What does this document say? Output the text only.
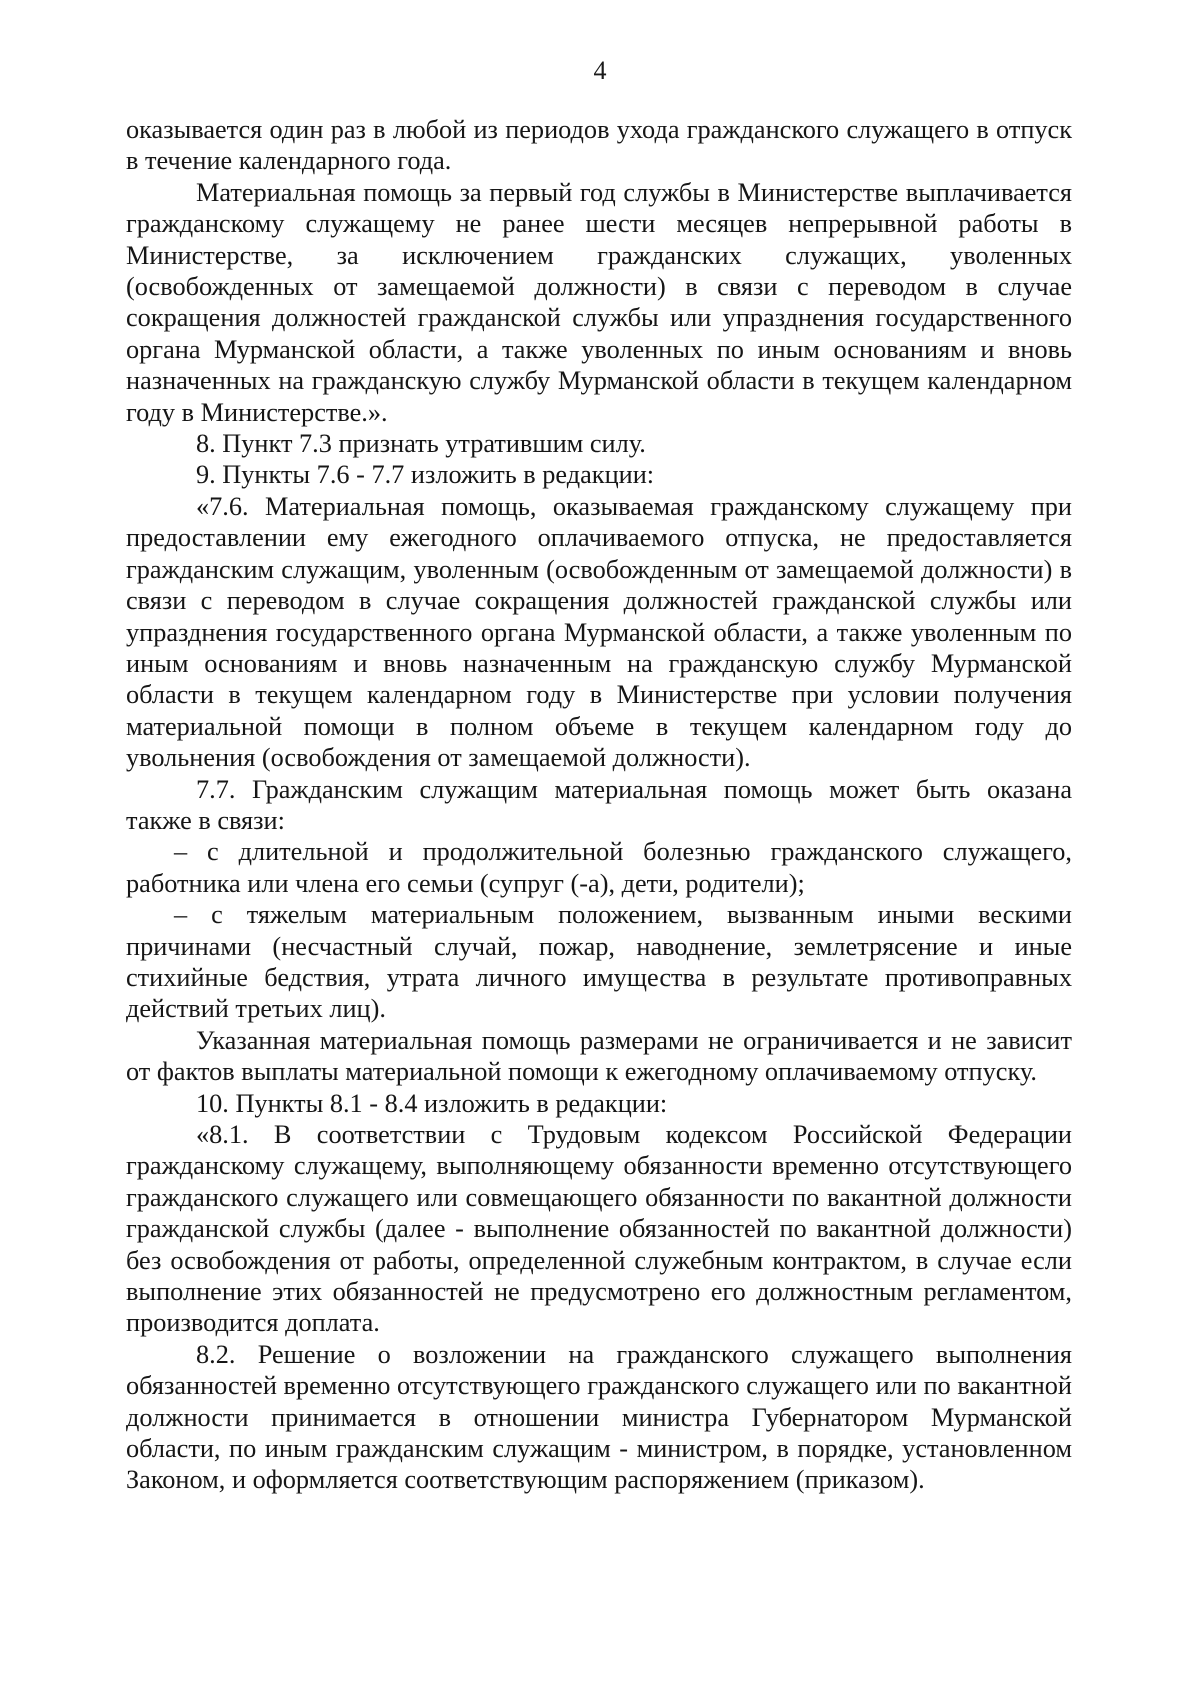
4

оказывается один раз в любой из периодов ухода гражданского служащего в отпуск в течение календарного года.

Материальная помощь за первый год службы в Министерстве выплачивается гражданскому служащему не ранее шести месяцев непрерывной работы в Министерстве, за исключением гражданских служащих, уволенных (освобожденных от замещаемой должности) в связи с переводом в случае сокращения должностей гражданской службы или упразднения государственного органа Мурманской области, а также уволенных по иным основаниям и вновь назначенных на гражданскую службу Мурманской области в текущем календарном году в Министерстве.».

8. Пункт 7.3 признать утратившим силу.

9. Пункты 7.6 - 7.7 изложить в редакции:

«7.6. Материальная помощь, оказываемая гражданскому служащему при предоставлении ему ежегодного оплачиваемого отпуска, не предоставляется гражданским служащим, уволенным (освобожденным от замещаемой должности) в связи с переводом в случае сокращения должностей гражданской службы или упразднения государственного органа Мурманской области, а также уволенным по иным основаниям и вновь назначенным на гражданскую службу Мурманской области в текущем календарном году в Министерстве при условии получения материальной помощи в полном объеме в текущем календарном году до увольнения (освобождения от замещаемой должности).

7.7. Гражданским служащим материальная помощь может быть оказана также в связи:

– с длительной и продолжительной болезнью гражданского служащего, работника или члена его семьи (супруг (-а), дети, родители);

– с тяжелым материальным положением, вызванным иными вескими причинами (несчастный случай, пожар, наводнение, землетрясение и иные стихийные бедствия, утрата личного имущества в результате противоправных действий третьих лиц).

Указанная материальная помощь размерами не ограничивается и не зависит от фактов выплаты материальной помощи к ежегодному оплачиваемому отпуску.

10. Пункты 8.1 - 8.4 изложить в редакции:

«8.1. В соответствии с Трудовым кодексом Российской Федерации гражданскому служащему, выполняющему обязанности временно отсутствующего гражданского служащего или совмещающего обязанности по вакантной должности гражданской службы (далее - выполнение обязанностей по вакантной должности) без освобождения от работы, определенной служебным контрактом, в случае если выполнение этих обязанностей не предусмотрено его должностным регламентом, производится доплата.

8.2. Решение о возложении на гражданского служащего выполнения обязанностей временно отсутствующего гражданского служащего или по вакантной должности принимается в отношении министра Губернатором Мурманской области, по иным гражданским служащим - министром, в порядке, установленном Законом, и оформляется соответствующим распоряжением (приказом).
